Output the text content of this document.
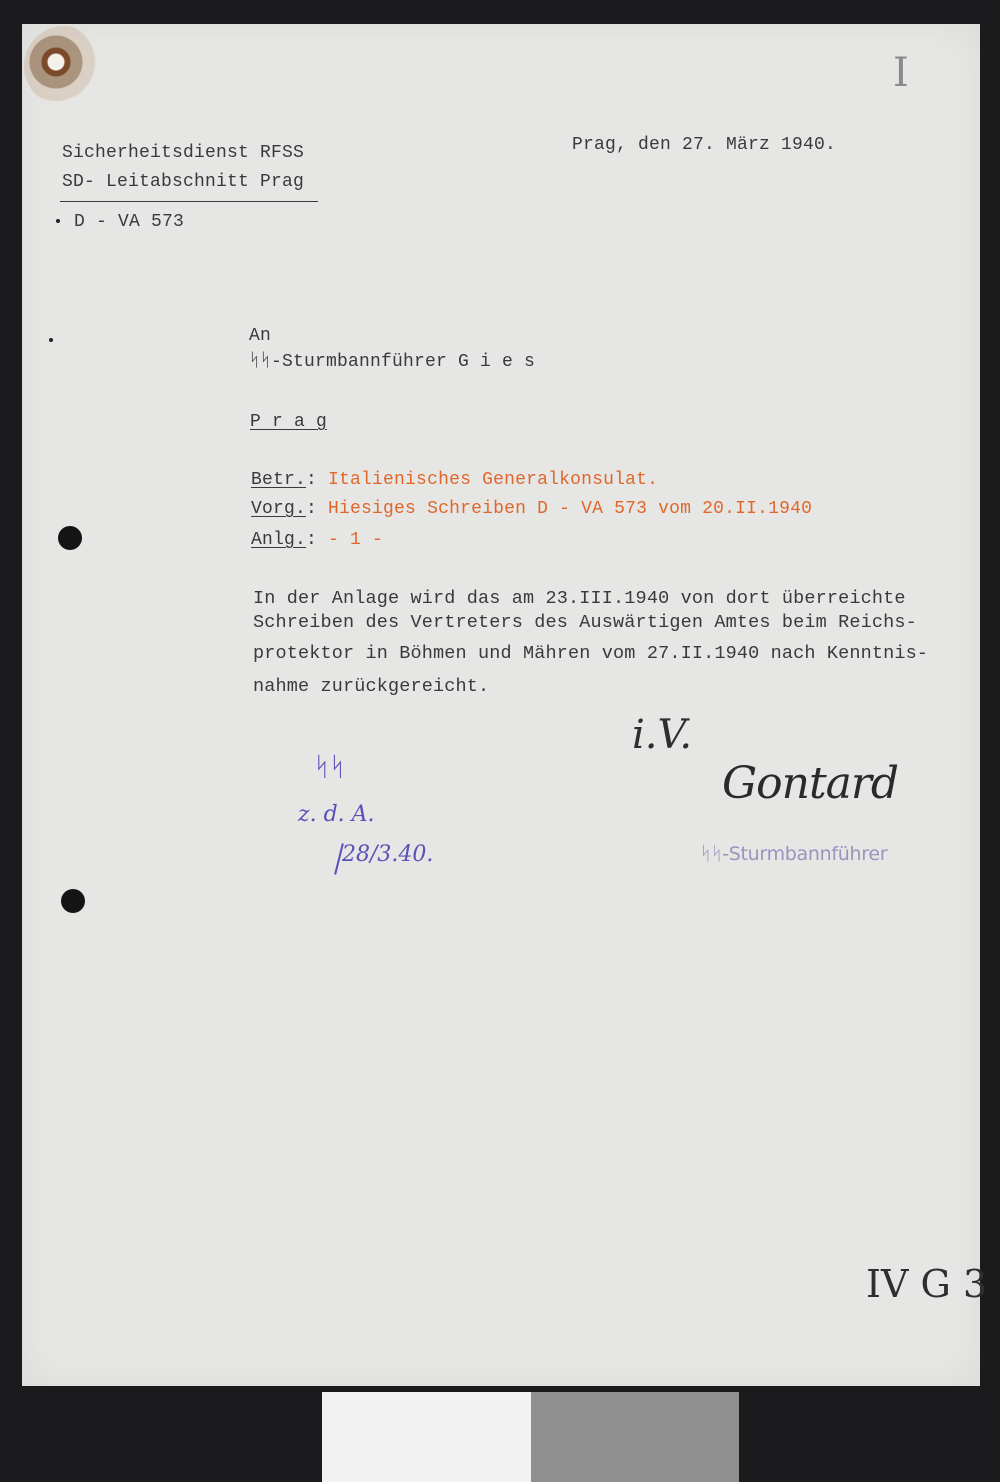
I
Sicherheitsdienst RFSS
SD- Leitabschnitt Prag
D - VA 573
Prag, den 27. März 1940.
An
ᛋᛋ-Sturmbannführer G i e s
P r a g
Betr.: Italienisches Generalkonsulat.
Vorg.: Hiesiges Schreiben D - VA 573 vom 20.II.1940
Anlg.: - 1 -
In der Anlage wird das am 23.III.1940 von dort überreichte
Schreiben des Vertreters des Auswärtigen Amtes beim Reichs-
protektor in Böhmen und Mähren vom 27.II.1940 nach Kenntnis-
nahme zurückgereicht.
i.V.
Gontard
ᛋᛋ-Sturmbannführer
ᛋᛋ
z. d. A.
28/3.40.
IV G 3
